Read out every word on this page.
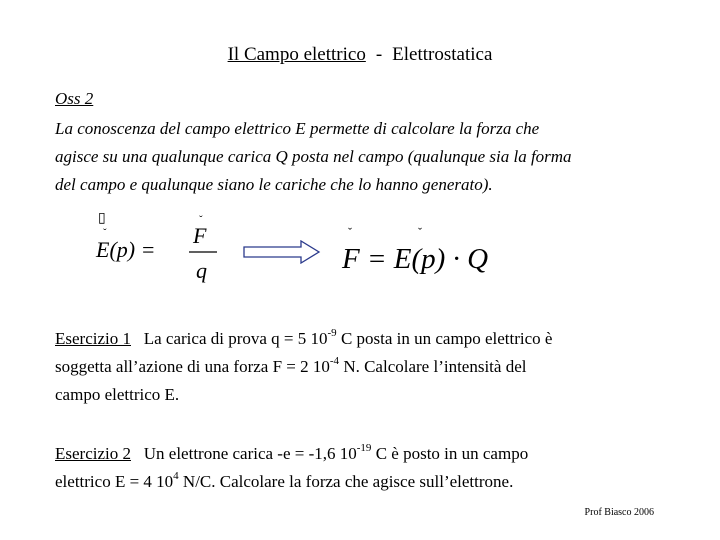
Il Campo elettrico - Elettrostatica
Oss 2
La conoscenza del campo elettrico E permette di calcolare la forza che
agisce su una qualunque carica Q posta nel campo (qualunque sia la forma
del campo e qualunque siano le cariche che lo hanno generato).
▯
E(p) =
ˇ
F
q
ˇ	ˇ	ˇ
F = E(p) · Q
Esercizio 1 La carica di prova q = 5 $10^{-9}$ C posta in un campo elettrico è
soggetta all’azione di una forza F = 2 $10^{-4}$ N. Calcolare l’intensità del
campo elettrico E.
Esercizio 2 Un elettrone carica -e = -1,6 $10^{-19}$ C è posto in un campo
elettrico E = 4 $10^4$ N/C. Calcolare la forza che agisce sull’elettrone.
Prof Biasco 2006
